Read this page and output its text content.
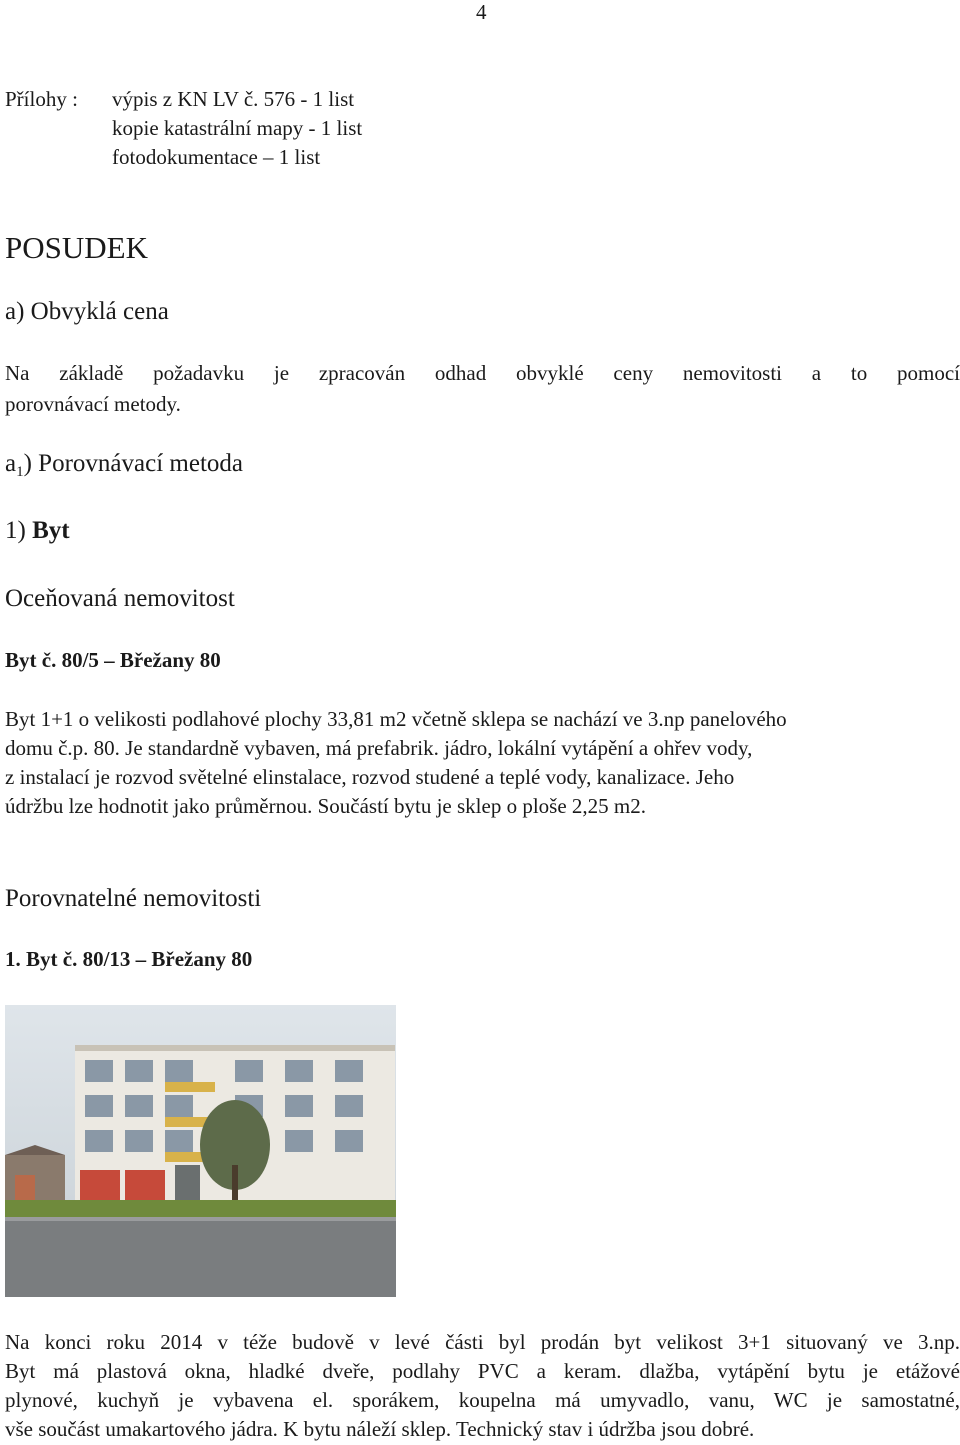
4
Přílohy : výpis z KN LV č. 576 - 1 list
kopie katastrální mapy - 1 list
fotodokumentace – 1 list
POSUDEK
a) Obvyklá cena
Na základě požadavku je zpracován odhad obvyklé ceny nemovitosti a to pomocí
porovnávací metody.
$a_1$) Porovnávací metoda
1) Byt
Oceňovaná nemovitost
Byt č. 80/5 – Břežany 80
Byt 1+1 o velikosti podlahové plochy 33,81 m2 včetně sklepa se nachází ve 3.np panelového
domu č.p. 80. Je standardně vybaven, má prefabrik. jádro, lokální vytápění a ohřev vody,
z instalací je rozvod světelné elinstalace, rozvod studené a teplé vody, kanalizace. Jeho
údržbu lze hodnotit jako průměrnou. Součástí bytu je sklep o ploše 2,25 m2.
Porovnatelné nemovitosti
1. Byt č. 80/13 – Břežany 80
Na konci roku 2014 v téže budově v levé části byl prodán byt velikost 3+1 situovaný ve 3.np.
Byt má plastová okna, hladké dveře, podlahy PVC a keram. dlažba, vytápění bytu je etážové
plynové, kuchyň je vybavena el. sporákem, koupelna má umyvadlo, vanu, WC je samostatné,
vše součást umakartového jádra. K bytu náleží sklep. Technický stav i údržba jsou dobré.
